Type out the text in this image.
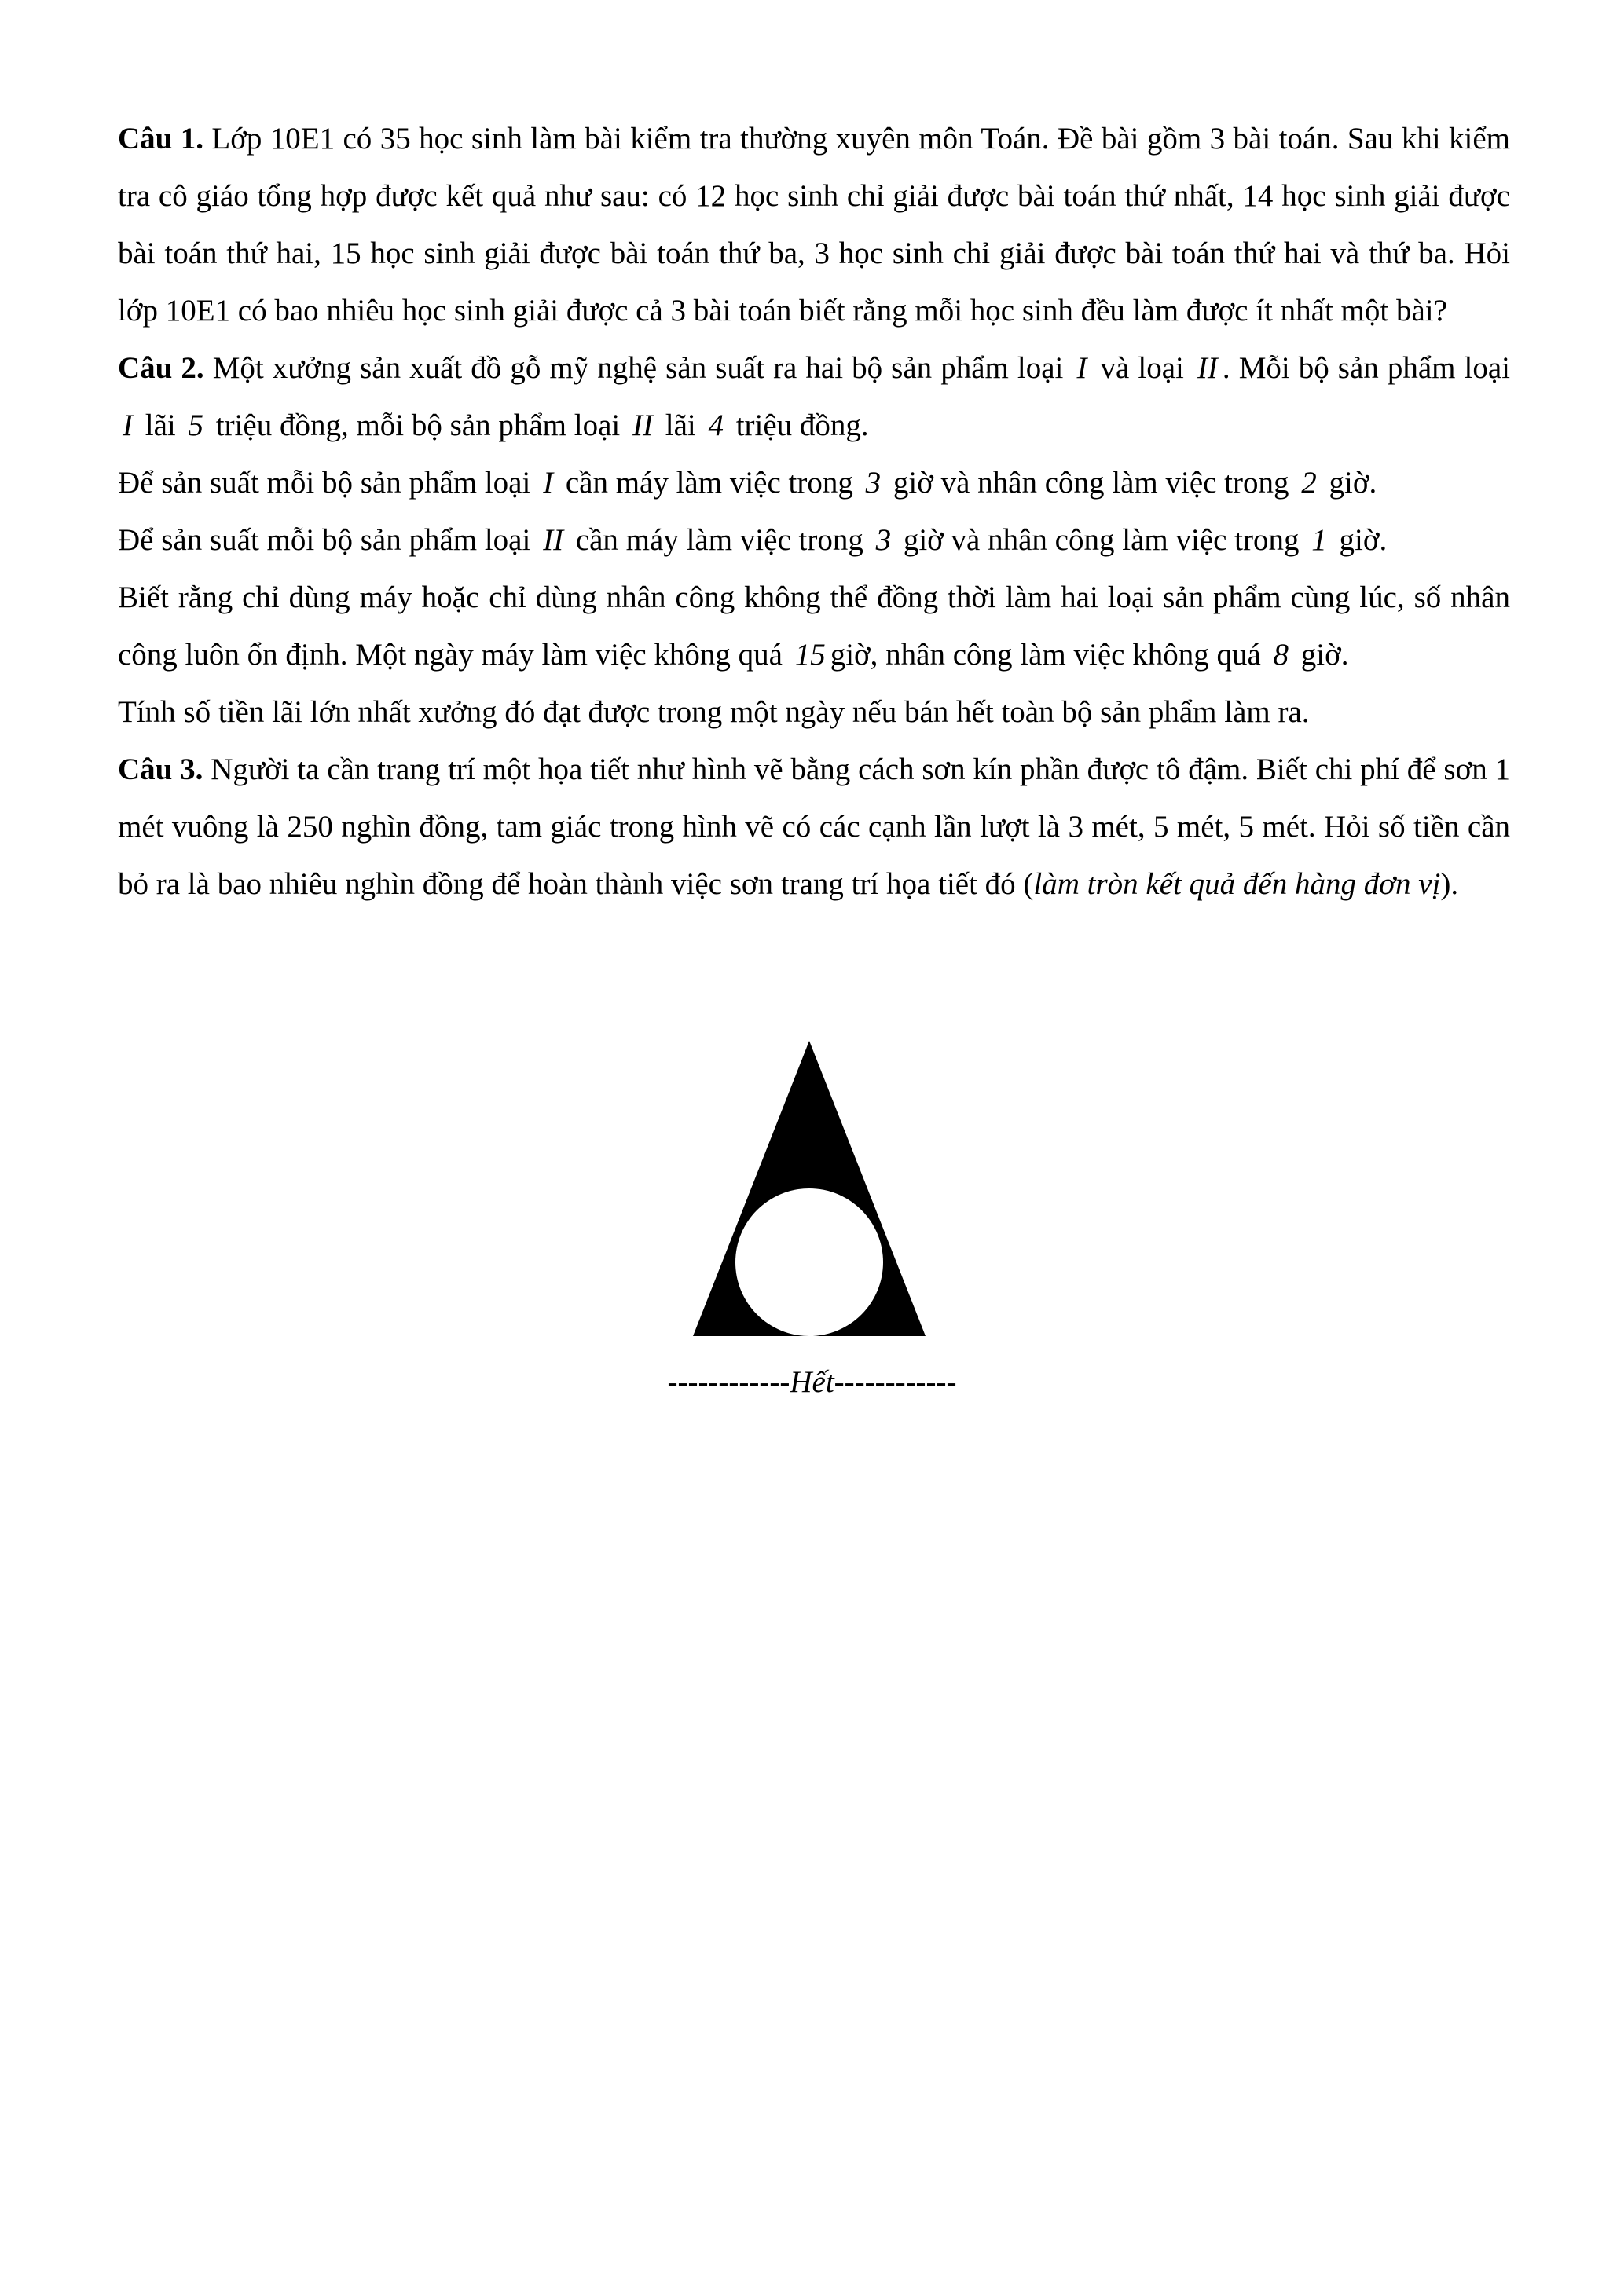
Câu 1. Lớp 10E1 có 35 học sinh làm bài kiểm tra thường xuyên môn Toán. Đề bài gồm 3 bài toán. Sau khi kiểm tra cô giáo tổng hợp được kết quả như sau: có 12 học sinh chỉ giải được bài toán thứ nhất, 14 học sinh giải được bài toán thứ hai, 15 học sinh giải được bài toán thứ ba, 3 học sinh chỉ giải được bài toán thứ hai và thứ ba. Hỏi lớp 10E1 có bao nhiêu học sinh giải được cả 3 bài toán biết rằng mỗi học sinh đều làm được ít nhất một bài?

Câu 2. Một xưởng sản xuất đồ gỗ mỹ nghệ sản suất ra hai bộ sản phẩm loại I và loại II . Mỗi bộ sản phẩm loại I lãi 5 triệu đồng, mỗi bộ sản phẩm loại II lãi 4 triệu đồng.

Để sản suất mỗi bộ sản phẩm loại I cần máy làm việc trong 3 giờ và nhân công làm việc trong 2 giờ.

Để sản suất mỗi bộ sản phẩm loại II cần máy làm việc trong 3 giờ và nhân công làm việc trong 1 giờ.

Biết rằng chỉ dùng máy hoặc chỉ dùng nhân công không thể đồng thời làm hai loại sản phẩm cùng lúc, số nhân công luôn ổn định. Một ngày máy làm việc không quá 15 giờ, nhân công làm việc không quá 8 giờ.

Tính số tiền lãi lớn nhất xưởng đó đạt được trong một ngày nếu bán hết toàn bộ sản phẩm làm ra.

Câu 3. Người ta cần trang trí một họa tiết như hình vẽ bằng cách sơn kín phần được tô đậm. Biết chi phí để sơn 1 mét vuông là 250 nghìn đồng, tam giác trong hình vẽ có các cạnh lần lượt là 3 mét, 5 mét, 5 mét. Hỏi số tiền cần bỏ ra là bao nhiêu nghìn đồng để hoàn thành việc sơn trang trí họa tiết đó (làm tròn kết quả đến hàng đơn vị).

------------Hết------------
